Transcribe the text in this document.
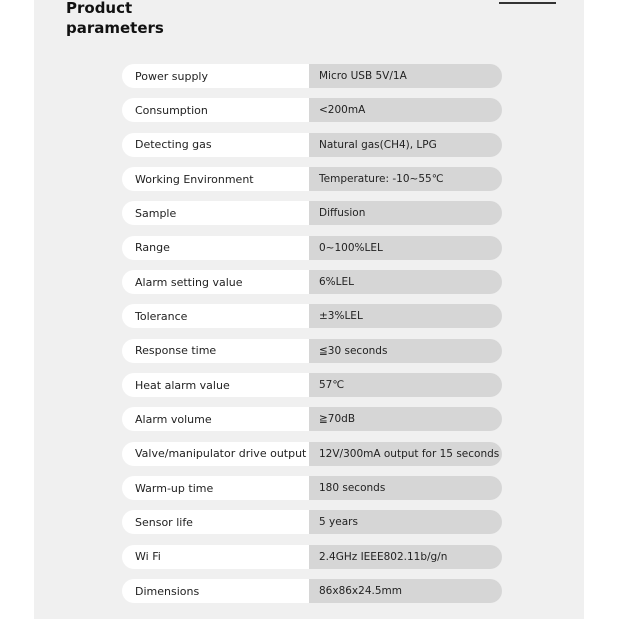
Product
parameters
Power supply	Micro USB 5V/1A
Consumption	<200mA
Detecting gas	Natural gas(CH4), LPG
Working Environment	Temperature: -10~55℃
Sample	Diffusion
Range	0~100%LEL
Alarm setting value	6%LEL
Tolerance	±3%LEL
Response time	≦30 seconds
Heat alarm value	57℃
Alarm volume	≧70dB
Valve/manipulator drive output	12V/300mA output for 15 seconds
Warm-up time	180 seconds
Sensor life	5 years
Wi Fi	2.4GHz IEEE802.11b/g/n
Dimensions	86x86x24.5mm
